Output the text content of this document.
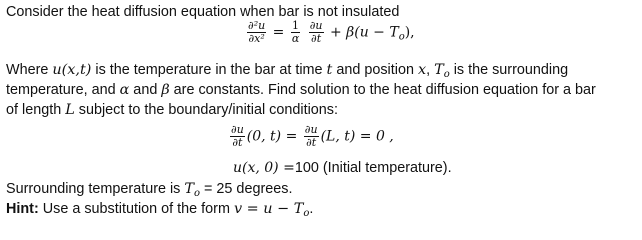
Consider the heat diffusion equation when bar is not insulated
$\frac{\text{∂²u}}{\text{∂x²}} = \frac{1}{\alpha}$
$\frac{\partial u}{\partial t} + \beta(u - T_o)$,
Where u(x,t) is the temperature in the bar at time t and position x, $T_o$ is the surrounding
temperature, and α and β are constants. Find solution to the heat diffusion equation for a bar
of length L subject to the boundary/initial conditions:
$\frac{\partial u}{\partial t} (0$, $t) = \frac{\partial u}{\partial t} (L$, t) = 0 ,
u(x, 0) =100 (Initial temperature).
Surrounding temperature is $T_o = 25$ degrees.
Hint: Use a substitution of the form $v = u - T_o$.
